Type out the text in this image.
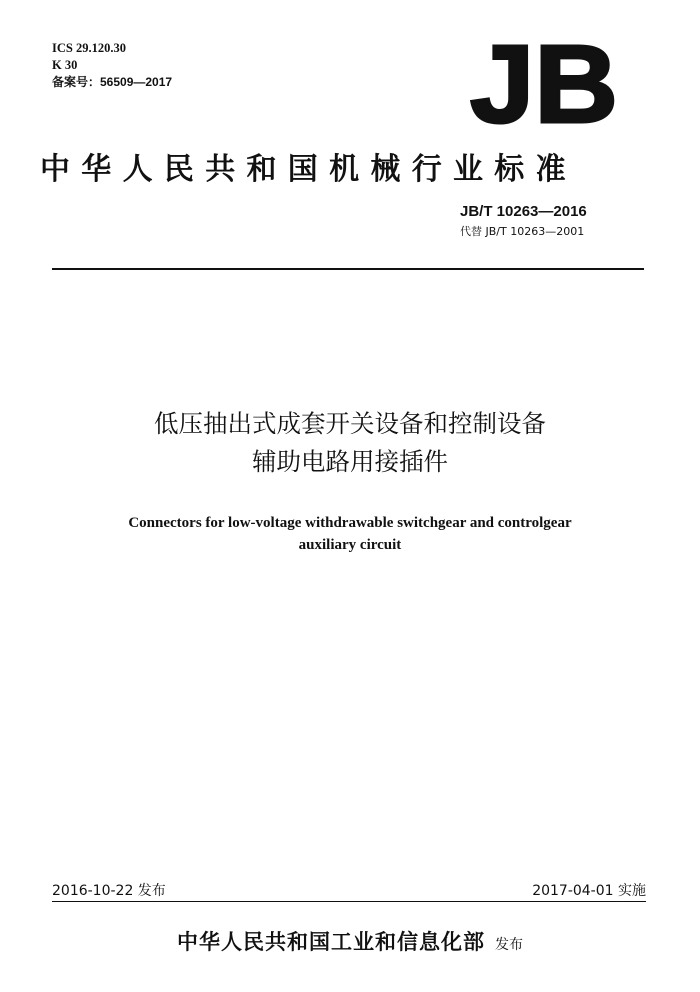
ICS 29.120.30
K 30
备案号：56509—2017	JB
中华人民共和国机械行业标准
JB/T 10263—2016
代替 JB/T 10263—2001
低压抽出式成套开关设备和控制设备
辅助电路用接插件
Connectors for low-voltage withdrawable switchgear and controlgear
auxiliary circuit
2016-10-22 发布	2017-04-01 实施
中华人民共和国工业和信息化部 发布
